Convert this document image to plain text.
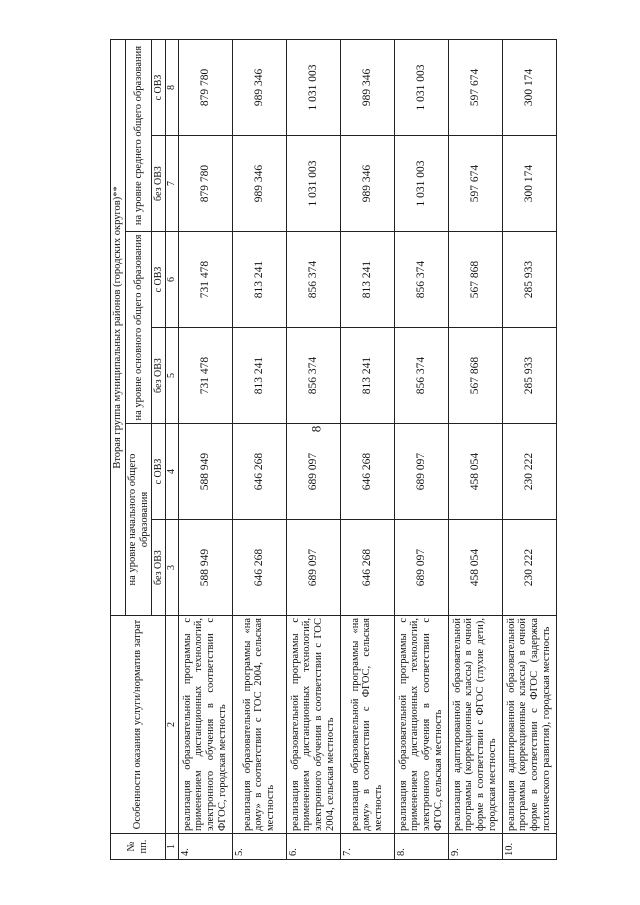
8
№ пп.	Особенности оказания услуги/норматив затрат	Вторая группа муниципальных районов (городских округов)**					
		на уровне начального общего образования		на уровне основного общего образования		на уровне среднего общего образования	
		без ОВЗ	с ОВЗ	без ОВЗ	с ОВЗ	без ОВЗ	с ОВЗ
1	2	3	4	5	6	7	8
4.	реализация образовательной программы с применением дистанционных технологий, электронного обучения в соответствии с ФГОС, городская местность	588 949	588 949	731 478	731 478	879 780	879 780
5.	реализация образовательной программы «на дому» в соответствии с ГОС 2004, сельская местность	646 268	646 268	813 241	813 241	989 346	989 346
6.	реализация образовательной программы с применением дистанционных технологий, электронного обучения в соответствии с ГОС 2004, сельская местность	689 097	689 097	856 374	856 374	1 031 003	1 031 003
7.	реализация образовательной программы «на дому» в соответствии с ФГОС, сельская местность	646 268	646 268	813 241	813 241	989 346	989 346
8.	реализация образовательной программы с применением дистанционных технологий, электронного обучения в соответствии с ФГОС, сельская местность	689 097	689 097	856 374	856 374	1 031 003	1 031 003
9.	реализация адаптированной образовательной программы (коррекционные классы) в очной форме в соответствии с ФГОС (глухие дети), городская местность	458 054	458 054	567 868	567 868	597 674	597 674
10.	реализация адаптированной образовательной программы (коррекционные классы) в очной форме в соответствии с ФГОС (задержка психического развития), городская местность	230 222	230 222	285 933	285 933	300 174	300 174
